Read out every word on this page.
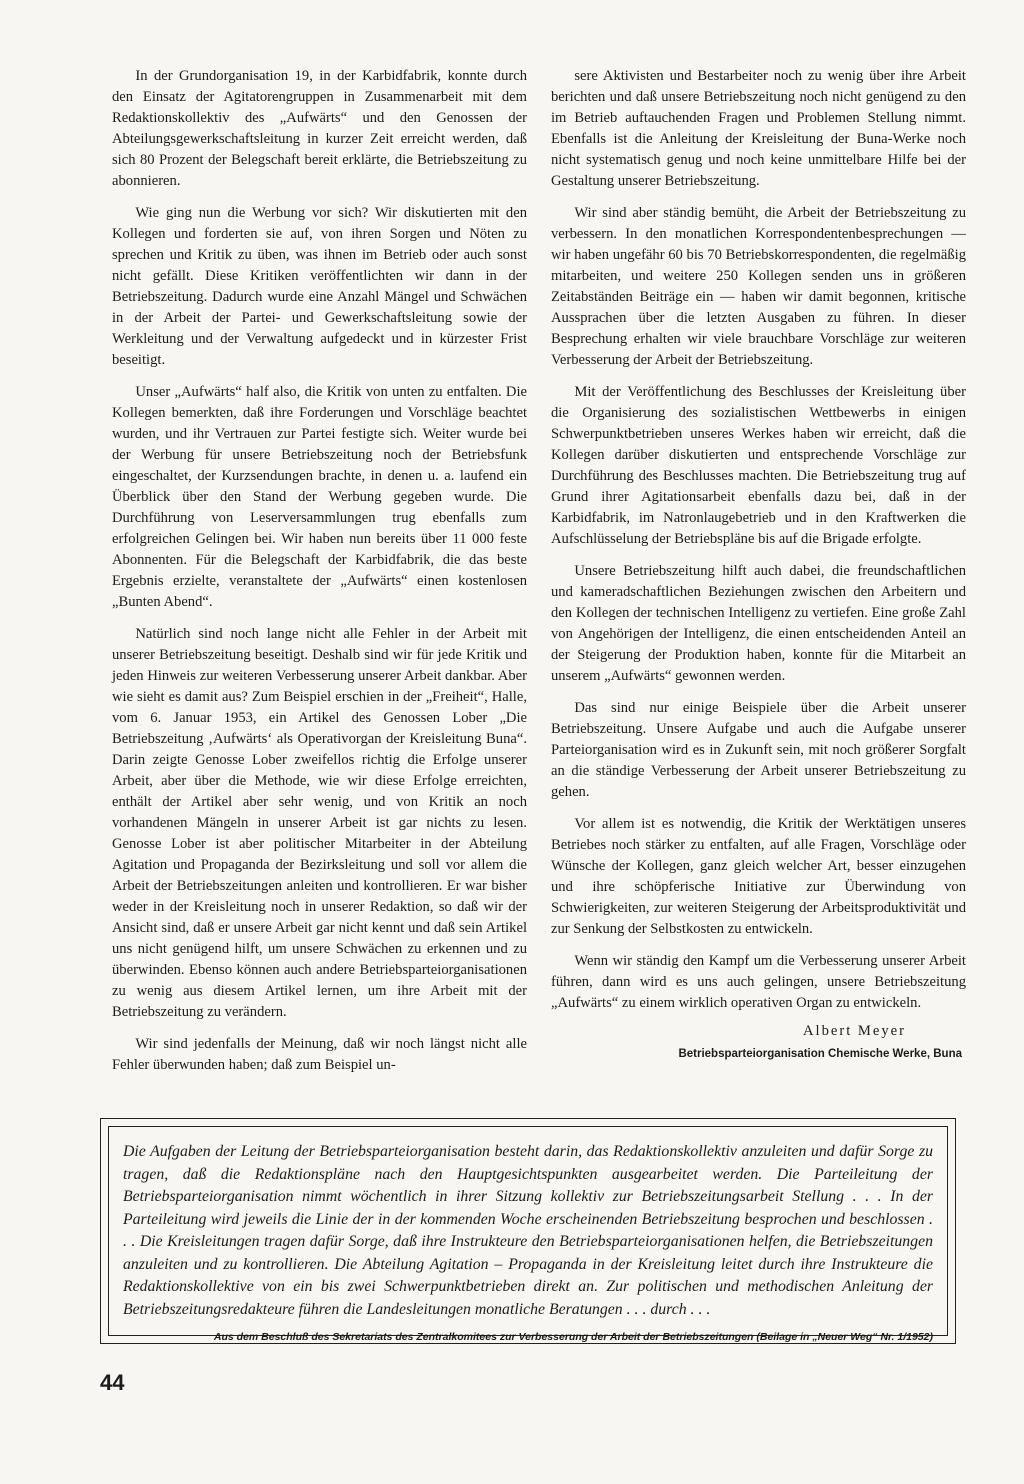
In der Grundorganisation 19, in der Karbidfabrik, konnte durch den Einsatz der Agitatorengruppen in Zusammenarbeit mit dem Redaktionskollektiv des „Aufwärts“ und den Genossen der Abteilungsgewerkschaftsleitung in kurzer Zeit erreicht werden, daß sich 80 Prozent der Belegschaft bereit erklärte, die Betriebszeitung zu abonnieren.

Wie ging nun die Werbung vor sich? Wir diskutierten mit den Kollegen und forderten sie auf, von ihren Sorgen und Nöten zu sprechen und Kritik zu üben, was ihnen im Betrieb oder auch sonst nicht gefällt. Diese Kritiken veröffentlichten wir dann in der Betriebszeitung. Dadurch wurde eine Anzahl Mängel und Schwächen in der Arbeit der Partei- und Gewerkschaftsleitung sowie der Werkleitung und der Verwaltung aufgedeckt und in kürzester Frist beseitigt.

Unser „Aufwärts“ half also, die Kritik von unten zu entfalten. Die Kollegen bemerkten, daß ihre Forderungen und Vorschläge beachtet wurden, und ihr Vertrauen zur Partei festigte sich. Weiter wurde bei der Werbung für unsere Betriebszeitung noch der Betriebsfunk eingeschaltet, der Kurzsendungen brachte, in denen u. a. laufend ein Überblick über den Stand der Werbung gegeben wurde. Die Durchführung von Leserversammlungen trug ebenfalls zum erfolgreichen Gelingen bei. Wir haben nun bereits über 11 000 feste Abonnenten. Für die Belegschaft der Karbidfabrik, die das beste Ergebnis erzielte, veranstaltete der „Aufwärts“ einen kostenlosen „Bunten Abend“.

Natürlich sind noch lange nicht alle Fehler in der Arbeit mit unserer Betriebszeitung beseitigt. Deshalb sind wir für jede Kritik und jeden Hinweis zur weiteren Verbesserung unserer Arbeit dankbar. Aber wie sieht es damit aus? Zum Beispiel erschien in der „Freiheit“, Halle, vom 6. Januar 1953, ein Artikel des Genossen Lober „Die Betriebszeitung ‚Aufwärts‘ als Operativorgan der Kreisleitung Buna“. Darin zeigte Genosse Lober zweifellos richtig die Erfolge unserer Arbeit, aber über die Methode, wie wir diese Erfolge erreichten, enthält der Artikel aber sehr wenig, und von Kritik an noch vorhandenen Mängeln in unserer Arbeit ist gar nichts zu lesen. Genosse Lober ist aber politischer Mitarbeiter in der Abteilung Agitation und Propaganda der Bezirksleitung und soll vor allem die Arbeit der Betriebszeitungen anleiten und kontrollieren. Er war bisher weder in der Kreisleitung noch in unserer Redaktion, so daß wir der Ansicht sind, daß er unsere Arbeit gar nicht kennt und daß sein Artikel uns nicht genügend hilft, um unsere Schwächen zu erkennen und zu überwinden. Ebenso können auch andere Betriebsparteiorganisationen zu wenig aus diesem Artikel lernen, um ihre Arbeit mit der Betriebszeitung zu verändern.

Wir sind jedenfalls der Meinung, daß wir noch längst nicht alle Fehler überwunden haben; daß zum Beispiel un-

sere Aktivisten und Bestarbeiter noch zu wenig über ihre Arbeit berichten und daß unsere Betriebszeitung noch nicht genügend zu den im Betrieb auftauchenden Fragen und Problemen Stellung nimmt. Ebenfalls ist die Anleitung der Kreisleitung der Buna-Werke noch nicht systematisch genug und noch keine unmittelbare Hilfe bei der Gestaltung unserer Betriebszeitung.

Wir sind aber ständig bemüht, die Arbeit der Betriebszeitung zu verbessern. In den monatlichen Korrespondentenbesprechungen — wir haben ungefähr 60 bis 70 Betriebskorrespondenten, die regelmäßig mitarbeiten, und weitere 250 Kollegen senden uns in größeren Zeitabständen Beiträge ein — haben wir damit begonnen, kritische Aussprachen über die letzten Ausgaben zu führen. In dieser Besprechung erhalten wir viele brauchbare Vorschläge zur weiteren Verbesserung der Arbeit der Betriebszeitung.

Mit der Veröffentlichung des Beschlusses der Kreisleitung über die Organisierung des sozialistischen Wettbewerbs in einigen Schwerpunktbetrieben unseres Werkes haben wir erreicht, daß die Kollegen darüber diskutierten und entsprechende Vorschläge zur Durchführung des Beschlusses machten. Die Betriebszeitung trug auf Grund ihrer Agitationsarbeit ebenfalls dazu bei, daß in der Karbidfabrik, im Natronlaugebetrieb und in den Kraftwerken die Aufschlüsselung der Betriebspläne bis auf die Brigade erfolgte.

Unsere Betriebszeitung hilft auch dabei, die freundschaftlichen und kameradschaftlichen Beziehungen zwischen den Arbeitern und den Kollegen der technischen Intelligenz zu vertiefen. Eine große Zahl von Angehörigen der Intelligenz, die einen entscheidenden Anteil an der Steigerung der Produktion haben, konnte für die Mitarbeit an unserem „Aufwärts“ gewonnen werden.

Das sind nur einige Beispiele über die Arbeit unserer Betriebszeitung. Unsere Aufgabe und auch die Aufgabe unserer Parteiorganisation wird es in Zukunft sein, mit noch größerer Sorgfalt an die ständige Verbesserung der Arbeit unserer Betriebszeitung zu gehen.

Vor allem ist es notwendig, die Kritik der Werktätigen unseres Betriebes noch stärker zu entfalten, auf alle Fragen, Vorschläge oder Wünsche der Kollegen, ganz gleich welcher Art, besser einzugehen und ihre schöpferische Initiative zur Überwindung von Schwierigkeiten, zur weiteren Steigerung der Arbeitsproduktivität und zur Senkung der Selbstkosten zu entwickeln.

Wenn wir ständig den Kampf um die Verbesserung unserer Arbeit führen, dann wird es uns auch gelingen, unsere Betriebszeitung „Aufwärts“ zu einem wirklich operativen Organ zu entwickeln.

Albert Meyer
Betriebsparteiorganisation Chemische Werke, Buna

Die Aufgaben der Leitung der Betriebsparteiorganisation besteht darin, das Redaktionskollektiv anzuleiten und dafür Sorge zu tragen, daß die Redaktionspläne nach den Hauptgesichtspunkten ausgearbeitet werden. Die Parteileitung der Betriebsparteiorganisation nimmt wöchentlich in ihrer Sitzung kollektiv zur Betriebszeitungsarbeit Stellung . . . In der Parteileitung wird jeweils die Linie der in der kommenden Woche erscheinenden Betriebszeitung besprochen und beschlossen . . . Die Kreisleitungen tragen dafür Sorge, daß ihre Instrukteure den Betriebsparteiorganisationen helfen, die Betriebszeitungen anzuleiten und zu kontrollieren. Die Abteilung Agitation – Propaganda in der Kreisleitung leitet durch ihre Instrukteure die Redaktionskollektive von ein bis zwei Schwerpunktbetrieben direkt an. Zur politischen und methodischen Anleitung der Betriebszeitungsredakteure führen die Landesleitungen monatliche Beratungen . . . durch . . .

Aus dem Beschluß des Sekretariats des Zentralkomitees zur Verbesserung der Arbeit der Betriebszeitungen (Beilage in „Neuer Weg“ Nr. 1/1952)
44
